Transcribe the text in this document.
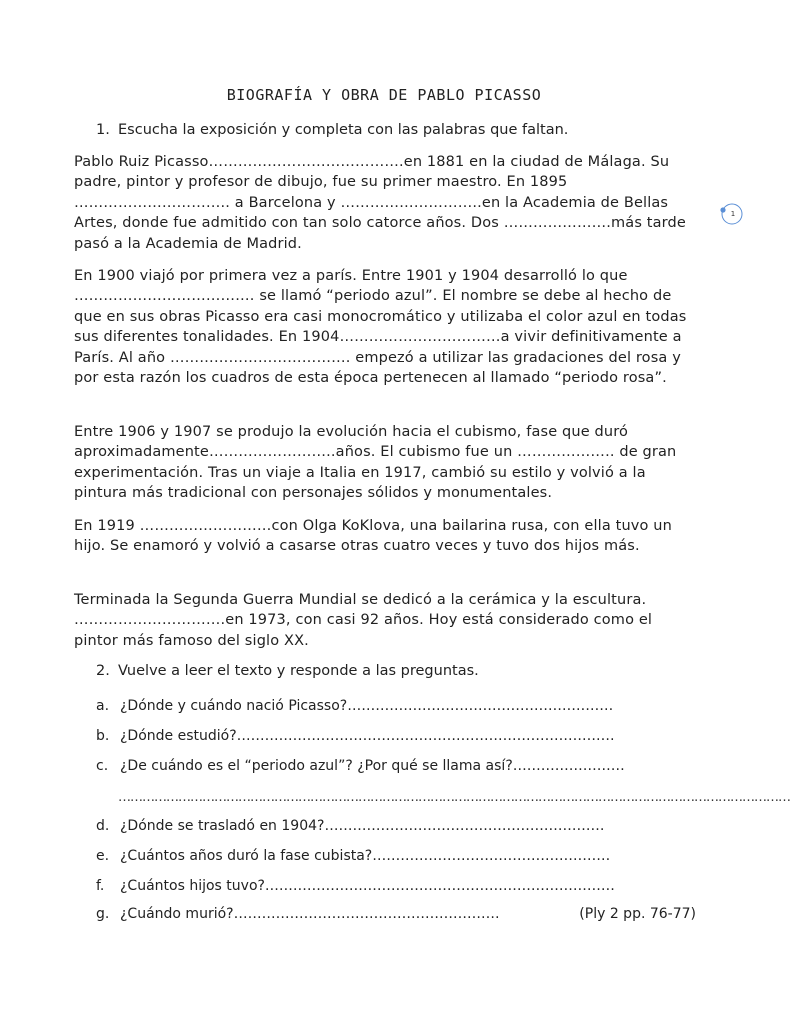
BIOGRAFÍA Y OBRA DE PABLO PICASSO
1. Escucha la exposición y completa con las palabras que faltan.
Pablo Ruiz Picasso………………………………….en 1881 en la ciudad de Málaga. Su padre, pintor y profesor de dibujo, fue su primer maestro. En 1895 ………………………….. a Barcelona y ………………………..en la Academia de Bellas Artes, donde fue admitido con tan solo catorce años. Dos ………………….más tarde pasó a la Academia de Madrid.
En 1900 viajó por primera vez a parís. Entre 1901 y 1904 desarrolló lo que ………………………………. se llamó “periodo azul”. El nombre se debe al hecho de que en sus obras Picasso era casi monocromático y utilizaba el color azul en todas sus diferentes tonalidades. En 1904……………………………a vivir definitivamente a París. Al año ………………………………. empezó a utilizar las gradaciones del rosa y por esta razón los cuadros de esta época pertenecen al llamado “periodo rosa”.
Entre 1906 y 1907 se produjo la evolución hacia el cubismo, fase que duró aproximadamente……………………..años. El cubismo fue un ……………….. de gran experimentación. Tras un viaje a Italia en 1917, cambió su estilo y volvió a la pintura más tradicional con personajes sólidos y monumentales.
En 1919 ………………………con Olga KoKlova, una bailarina rusa, con ella tuvo un hijo. Se enamoró y volvió a casarse otras cuatro veces y tuvo dos hijos más.
Terminada la Segunda Guerra Mundial se dedicó a la cerámica y la escultura. ………………………….en 1973, con casi 92 años. Hoy está considerado como el pintor más famoso del siglo XX.
2. Vuelve a leer el texto y responde a las preguntas.
a. ¿Dónde y cuándo nació Picasso?…………………………………………………
b. ¿Dónde estudió?………………………………………………………………………
c. ¿De cuándo es el “periodo azul”? ¿Por qué se llama así?……………………
……………………………………………………………………………………………………………………………………………………
d. ¿Dónde se trasladó en 1904?……………………………………………………
e. ¿Cuántos años duró la fase cubista?……………………………………………
f. ¿Cuántos hijos tuvo?…………………………………………………………………
g. ¿Cuándo murió?…………………………………………………	(Ply 2 pp. 76-77)
1
